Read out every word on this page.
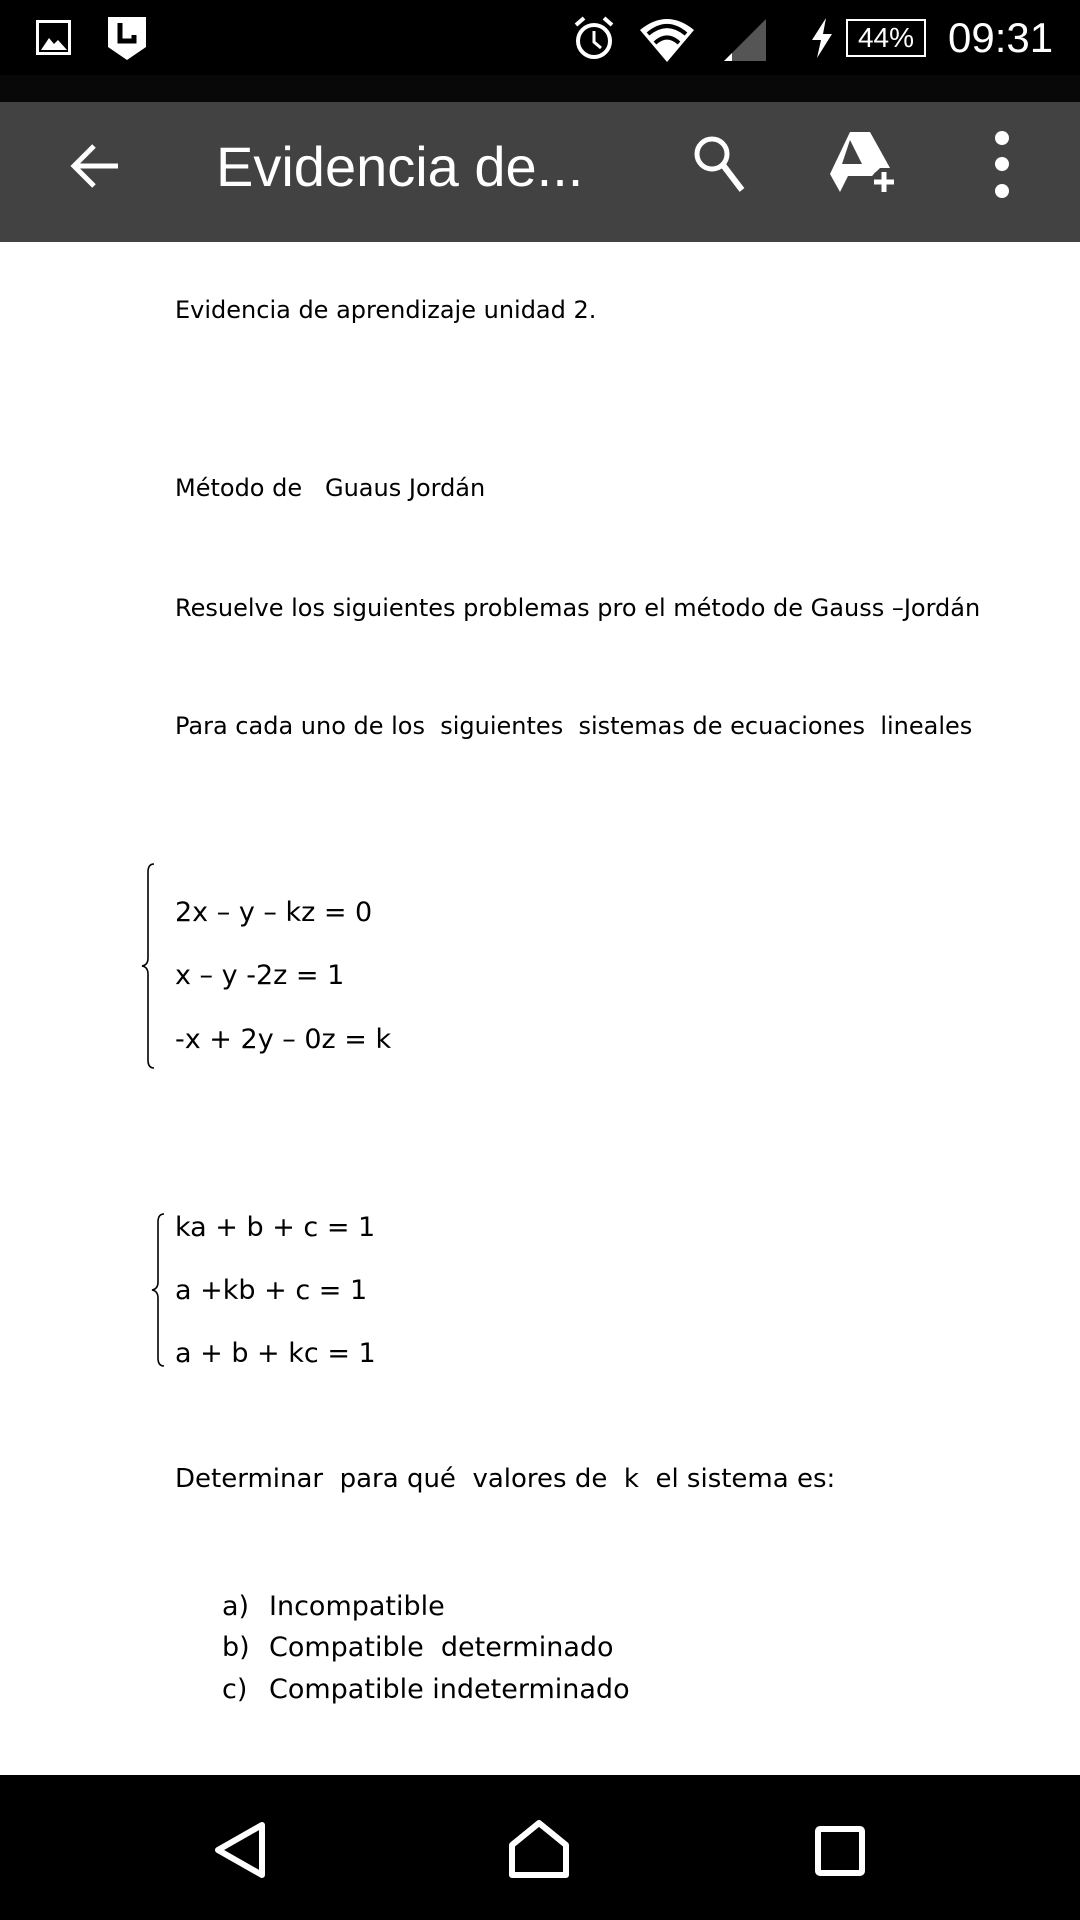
44% 09:31
Evidencia de...
Evidencia de aprendizaje unidad 2.
Método de   Guaus Jordán
Resuelve los siguientes problemas pro el método de Gauss –Jordán
Para cada uno de los  siguientes  sistemas de ecuaciones  lineales
2x – y – kz = 0
x – y -2z = 1
-x + 2y – 0z = k
ka + b + c = 1
a +kb + c = 1
a + b + kc = 1
Determinar  para qué  valores de  k  el sistema es:
a) Incompatible
b) Compatible  determinado
c) Compatible indeterminado
